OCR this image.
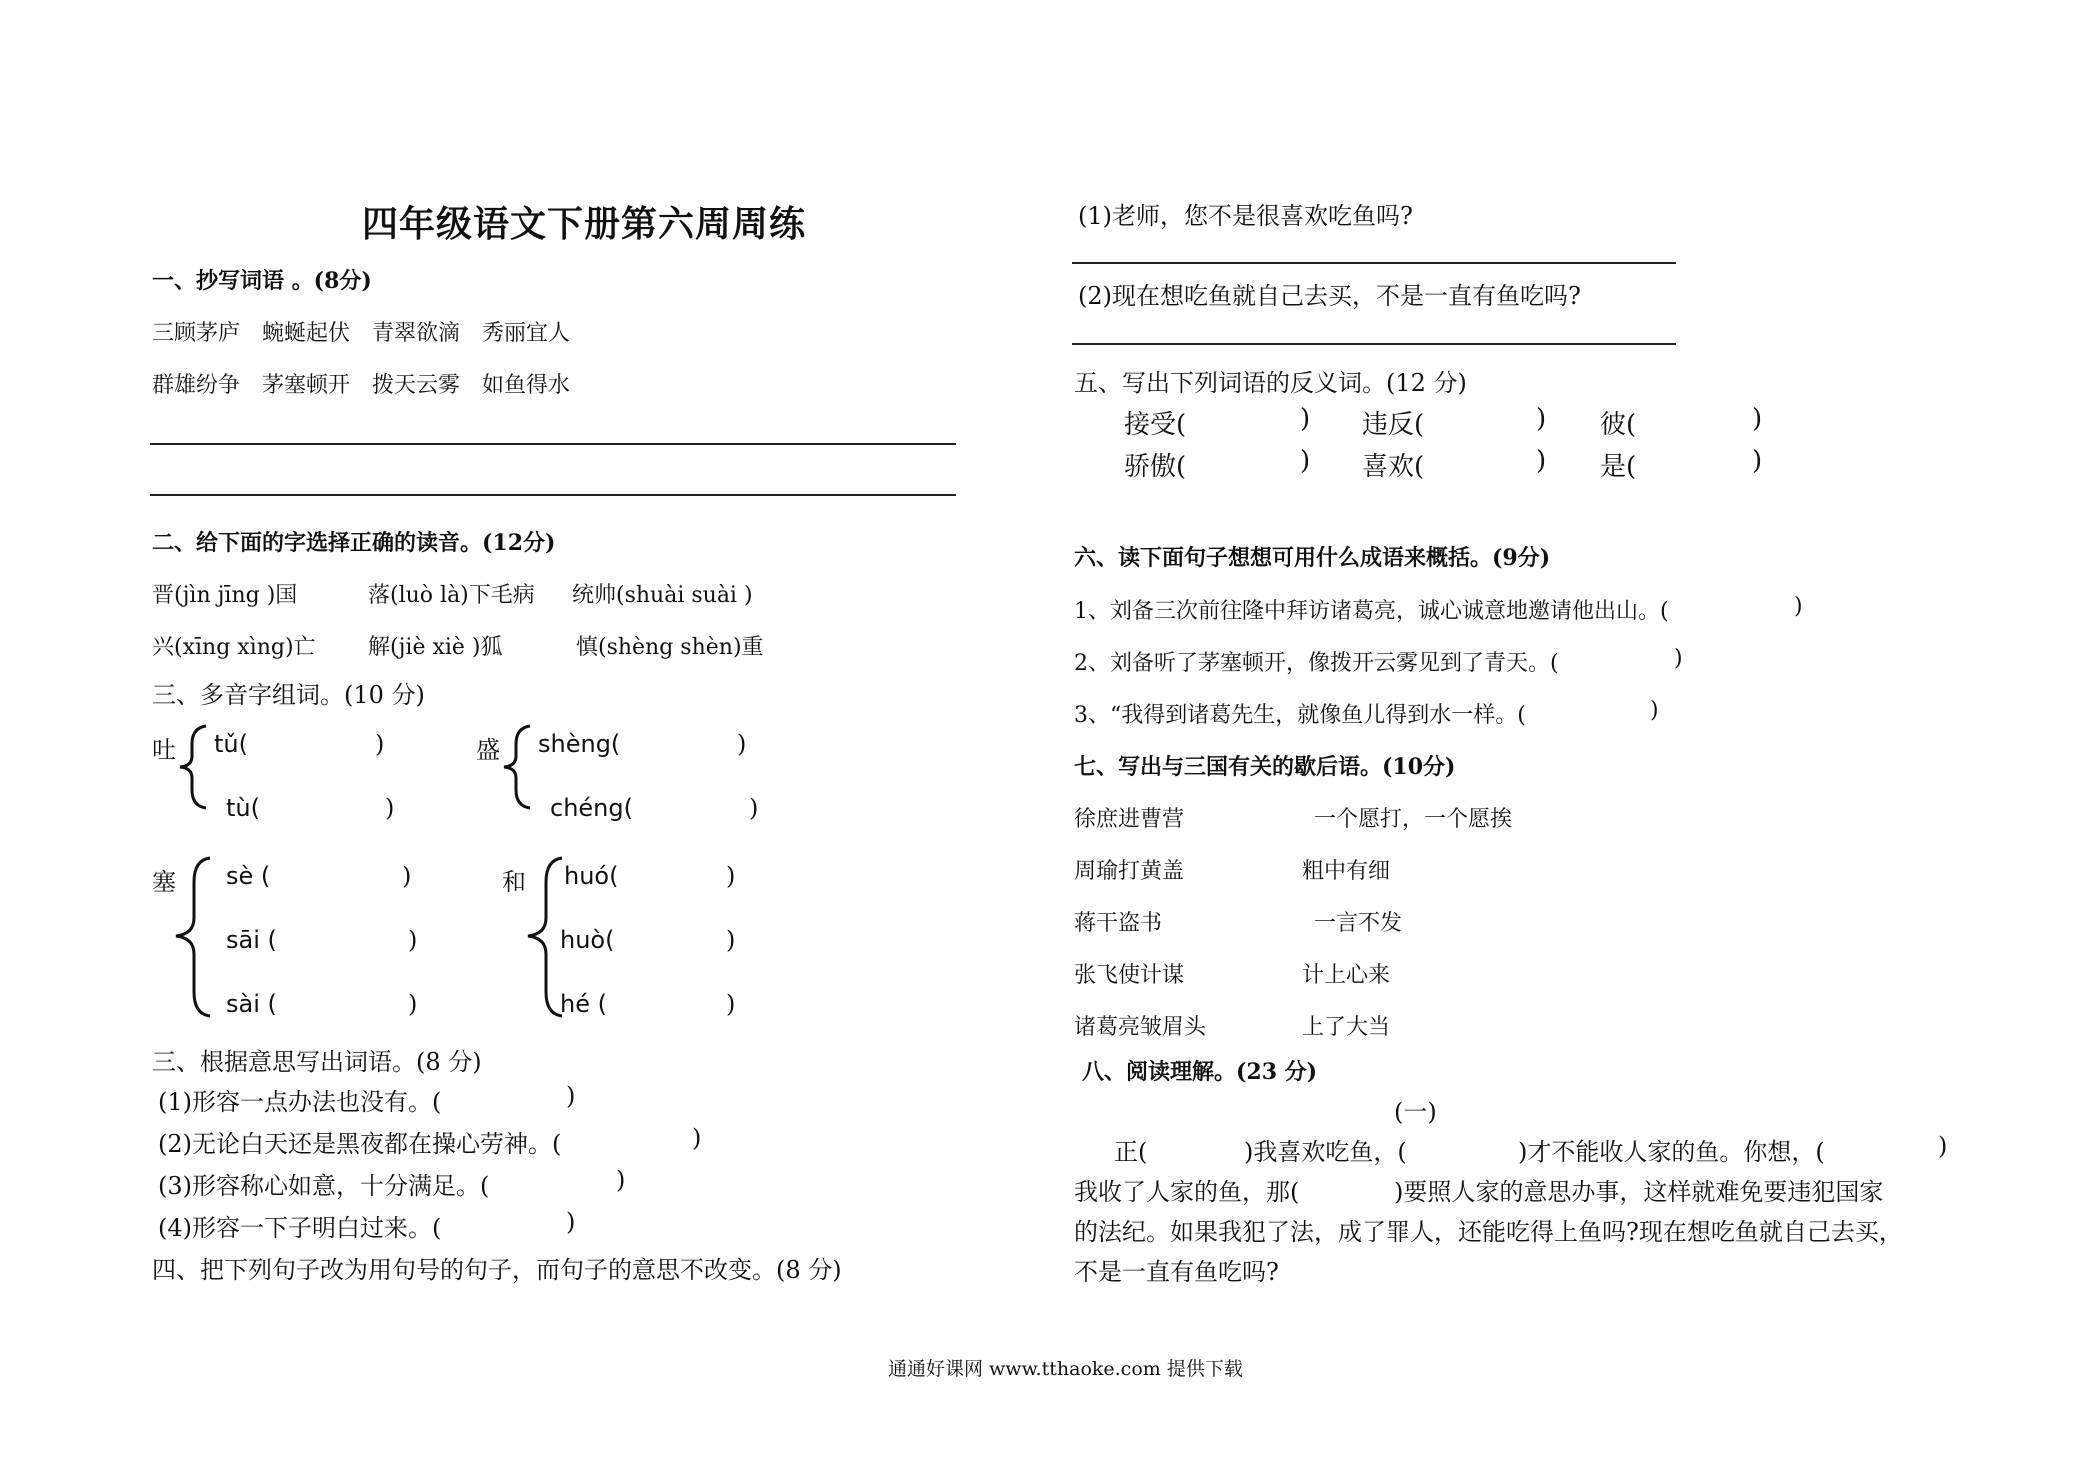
四年级语文下册第六周周练
一、抄写词语 。(8分)
三顾茅庐 蜿蜒起伏 青翠欲滴 秀丽宜人
群雄纷争 茅塞顿开 拨天云雾 如鱼得水
二、给下面的字选择正确的读音。(12分)
晋(jìn jīng )国	落(luò là)下毛病 统帅(shuài suài )
兴(xīng xìng)亡 解(jiè xiè )狐	慎(shèng shèn)重
三、多音字组词。(10 分)
吐 tǔ(	)
tù(	)
盛 shèng(	)
chéng(	)
塞 sè (	)
sāi (	)
sài (	)
和 huó(	)
huò(	)
hé (	)
三、根据意思写出词语。(8 分)
(1)形容一点办法也没有。(	)
(2)无论白天还是黑夜都在操心劳神。(	)
(3)形容称心如意，十分满足。(	)
(4)形容一下子明白过来。(	)
四、把下列句子改为用句号的句子，而句子的意思不改变。(8 分)
(1)老师，您不是很喜欢吃鱼吗?
(2)现在想吃鱼就自己去买，不是一直有鱼吃吗?
五、写出下列词语的反义词。(12 分)
接受(	) 违反(	) 彼(	)
骄傲(	) 喜欢(	) 是(	)
六、读下面句子想想可用什么成语来概括。(9分)
1、刘备三次前往隆中拜访诸葛亮，诚心诚意地邀请他出山。(	)
2、刘备听了茅塞顿开，像拨开云雾见到了青天。(	)
3、“我得到诸葛先生，就像鱼儿得到水一样。(	)
七、写出与三国有关的歇后语。(10分)
徐庶进曹营	一个愿打，一个愿挨
周瑜打黄盖	粗中有细
蒋干盗书	一言不发
张飞使计谋	计上心来
诸葛亮皱眉头	上了大当
八、阅读理解。(23 分)
(一)
正(	)我喜欢吃鱼，(	)才不能收人家的鱼。你想，(	)
我收了人家的鱼，那(	)要照人家的意思办事，这样就难免要违犯国家
的法纪。如果我犯了法，成了罪人，还能吃得上鱼吗?现在想吃鱼就自己去买，
不是一直有鱼吃吗?
通通好课网 www.tthaoke.com 提供下载
